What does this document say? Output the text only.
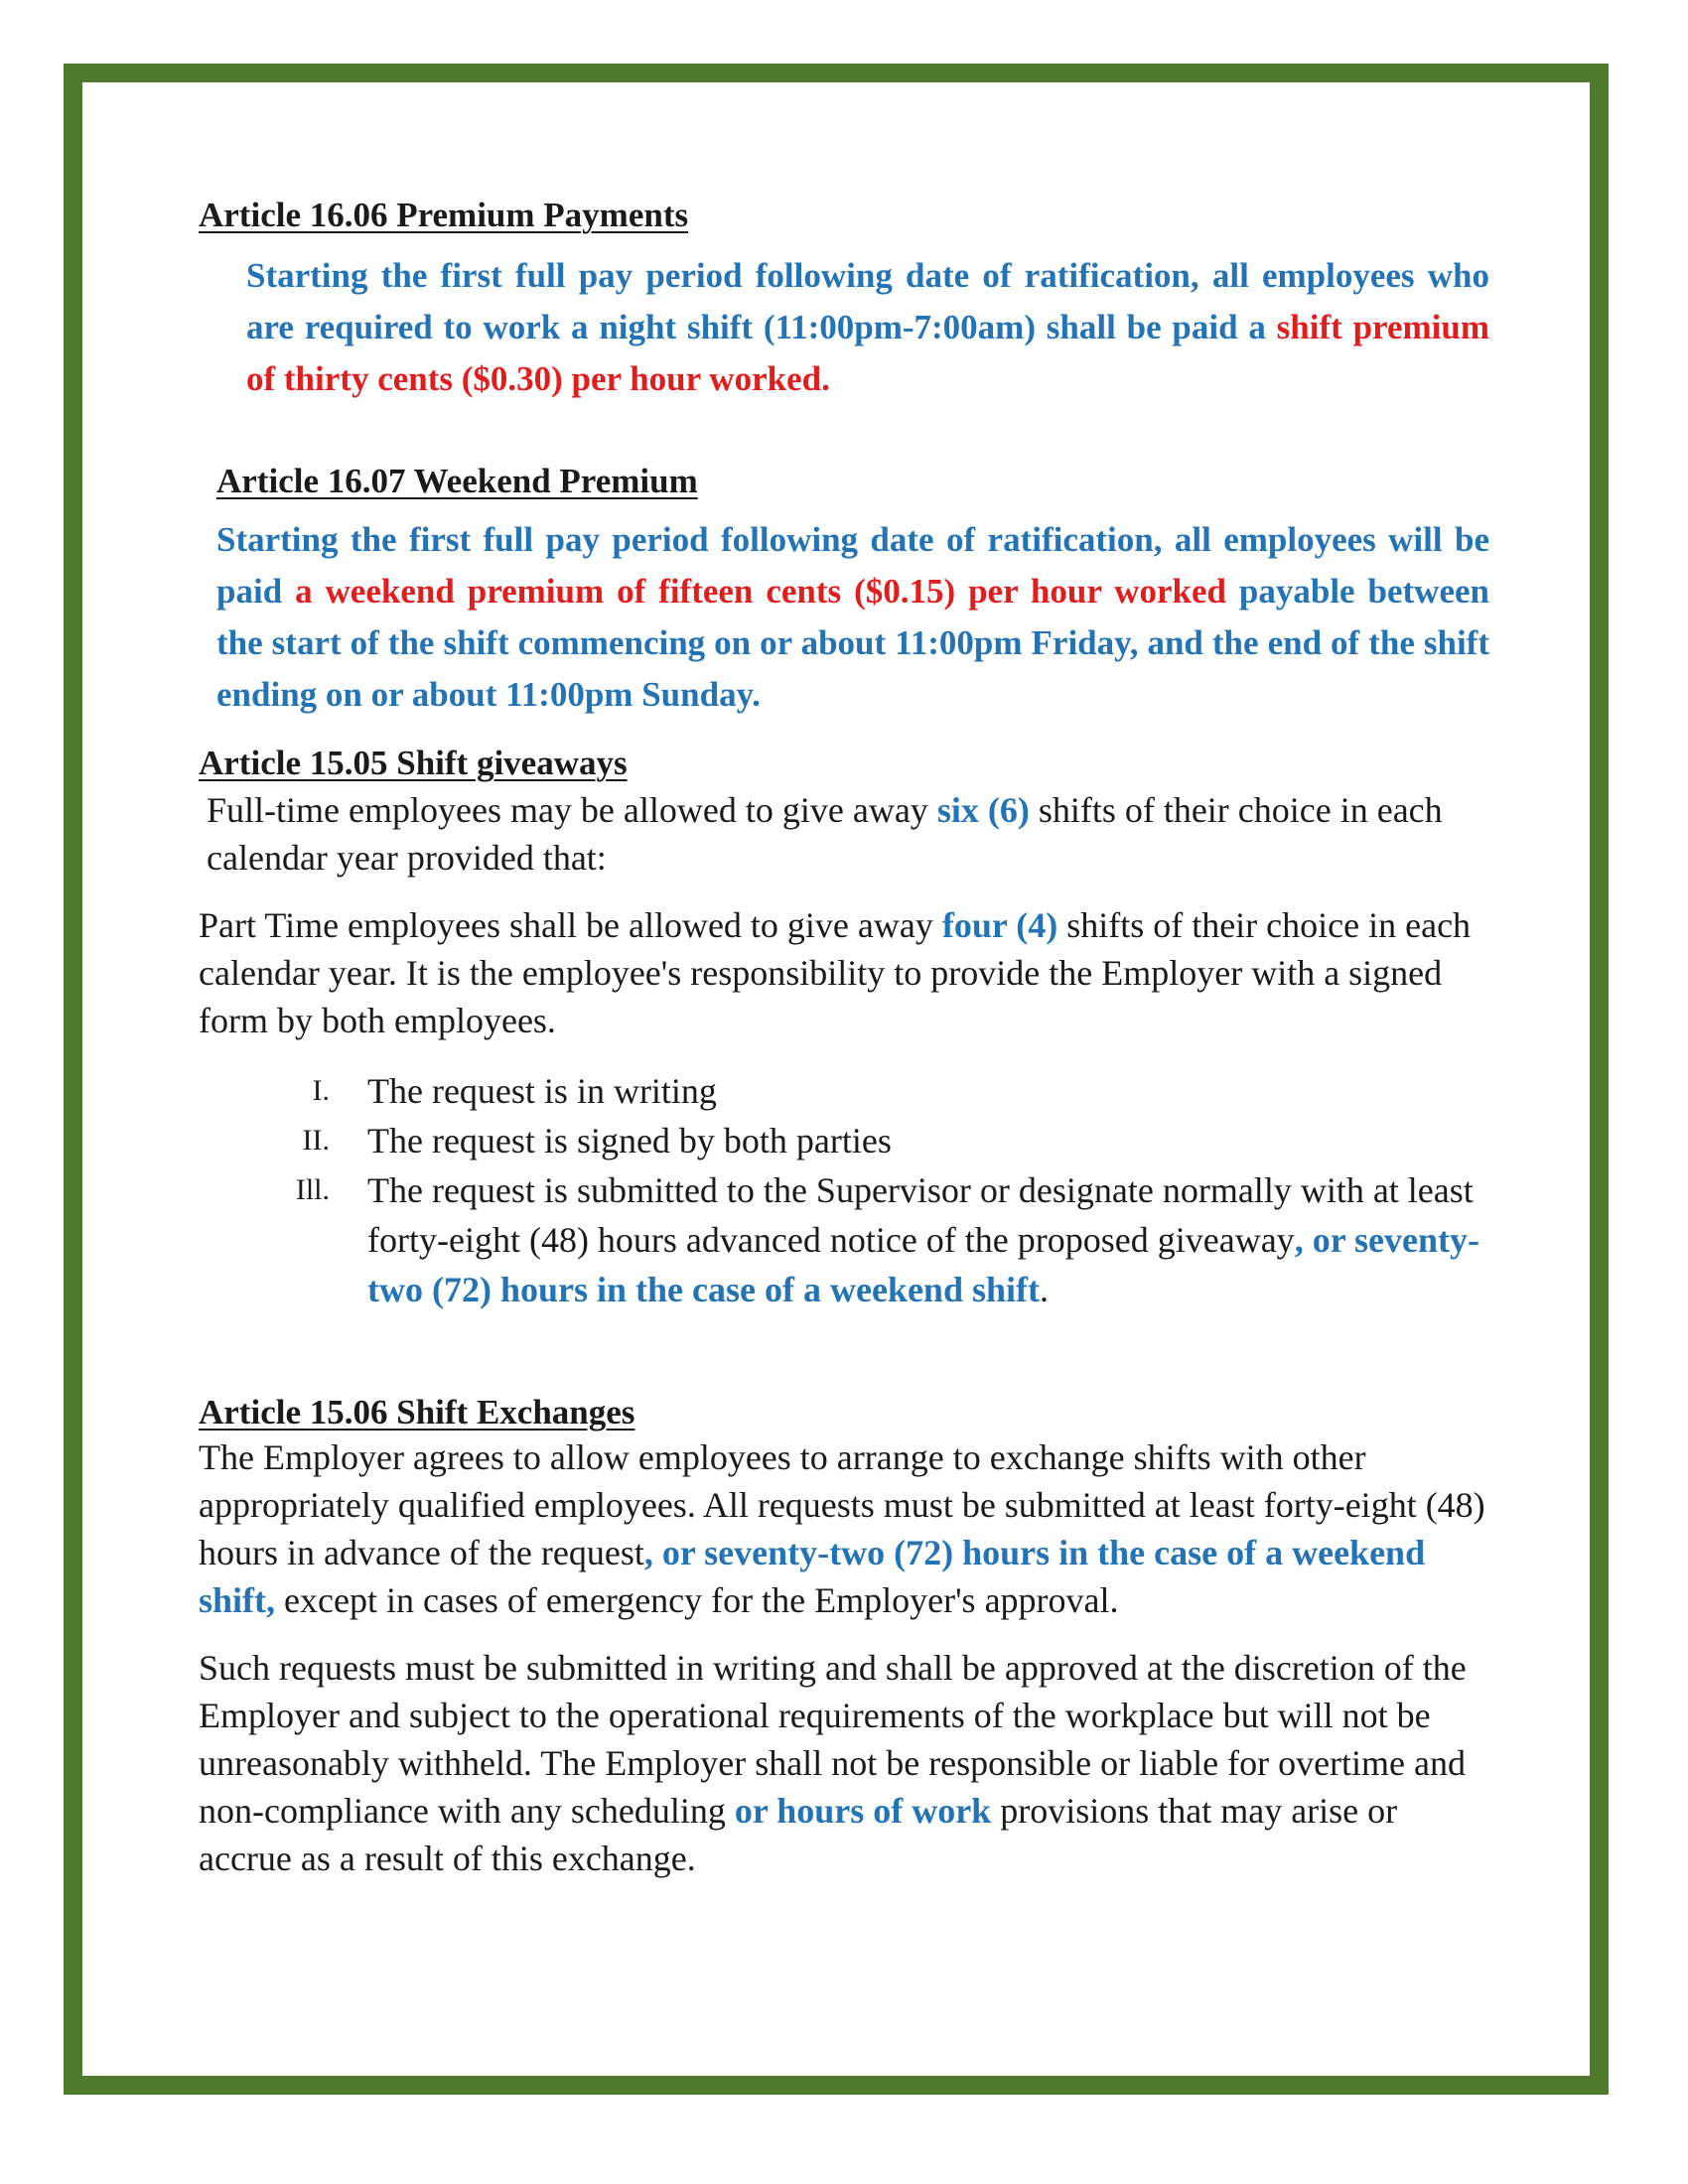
Article 16.06 Premium Payments
Starting the first full pay period following date of ratification, all employees who are required to work a night shift (11:00pm-7:00am) shall be paid a shift premium of thirty cents ($0.30) per hour worked.
Article 16.07 Weekend Premium
Starting the first full pay period following date of ratification, all employees will be paid a weekend premium of fifteen cents ($0.15) per hour worked payable between the start of the shift commencing on or about 11:00pm Friday, and the end of the shift ending on or about 11:00pm Sunday.
Article 15.05 Shift giveaways
Full-time employees may be allowed to give away six (6) shifts of their choice in each calendar year provided that:
Part Time employees shall be allowed to give away four (4) shifts of their choice in each calendar year. It is the employee's responsibility to provide the Employer with a signed form by both employees.
I. The request is in writing
II. The request is signed by both parties
Ill. The request is submitted to the Supervisor or designate normally with at least forty-eight (48) hours advanced notice of the proposed giveaway, or seventy-two (72) hours in the case of a weekend shift.
Article 15.06 Shift Exchanges
The Employer agrees to allow employees to arrange to exchange shifts with other appropriately qualified employees. All requests must be submitted at least forty-eight (48) hours in advance of the request, or seventy-two (72) hours in the case of a weekend shift, except in cases of emergency for the Employer's approval.
Such requests must be submitted in writing and shall be approved at the discretion of the Employer and subject to the operational requirements of the workplace but will not be unreasonably withheld. The Employer shall not be responsible or liable for overtime and non-compliance with any scheduling or hours of work provisions that may arise or accrue as a result of this exchange.
